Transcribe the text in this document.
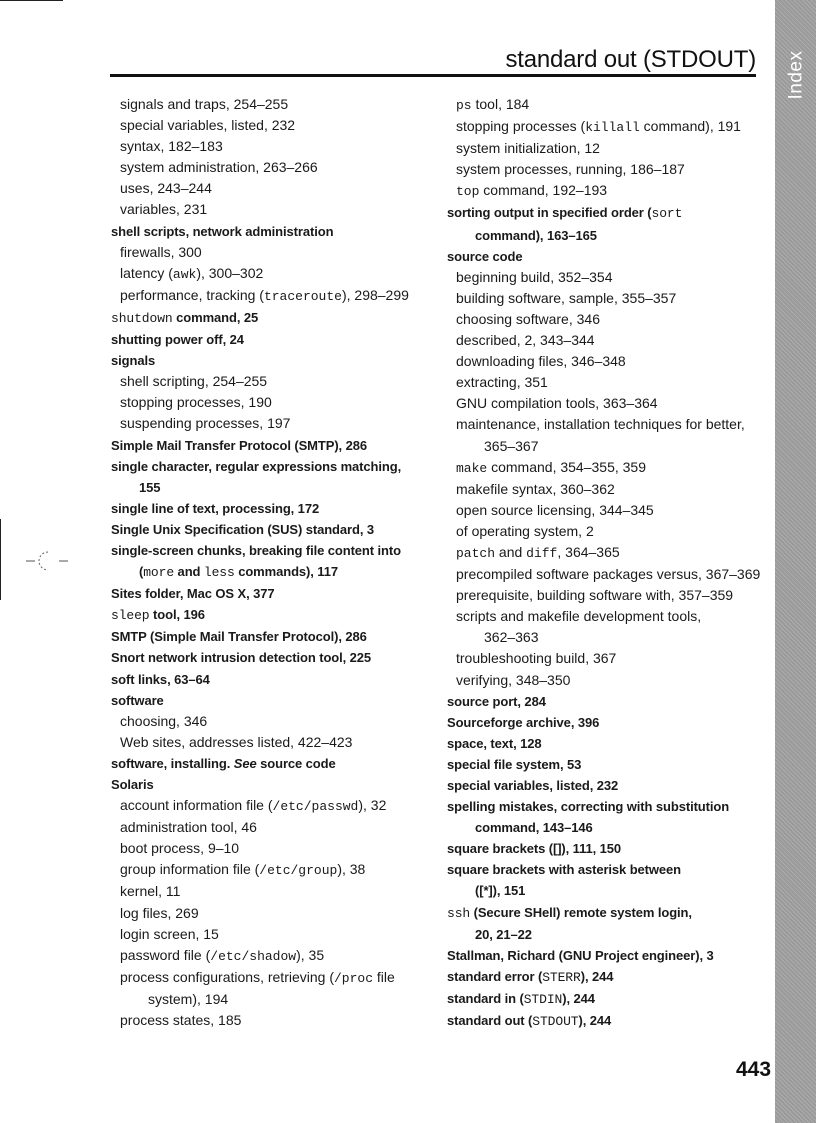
Index
standard out (STDOUT)
signals and traps, 254–255
special variables, listed, 232
syntax, 182–183
system administration, 263–266
uses, 243–244
variables, 231
shell scripts, network administration
firewalls, 300
latency (awk), 300–302
performance, tracking (traceroute), 298–299
shutdown command, 25
shutting power off, 24
signals
shell scripting, 254–255
stopping processes, 190
suspending processes, 197
Simple Mail Transfer Protocol (SMTP), 286
single character, regular expressions matching,
155
single line of text, processing, 172
Single Unix Specification (SUS) standard, 3
single-screen chunks, breaking file content into
(more and less commands), 117
Sites folder, Mac OS X, 377
sleep tool, 196
SMTP (Simple Mail Transfer Protocol), 286
Snort network intrusion detection tool, 225
soft links, 63–64
software
choosing, 346
Web sites, addresses listed, 422–423
software, installing. See source code
Solaris
account information file (/etc/passwd), 32
administration tool, 46
boot process, 9–10
group information file (/etc/group), 38
kernel, 11
log files, 269
login screen, 15
password file (/etc/shadow), 35
process configurations, retrieving (/proc file
system), 194
process states, 185
ps tool, 184
stopping processes (killall command), 191
system initialization, 12
system processes, running, 186–187
top command, 192–193
sorting output in specified order (sort
command), 163–165
source code
beginning build, 352–354
building software, sample, 355–357
choosing software, 346
described, 2, 343–344
downloading files, 346–348
extracting, 351
GNU compilation tools, 363–364
maintenance, installation techniques for better,
365–367
make command, 354–355, 359
makefile syntax, 360–362
open source licensing, 344–345
of operating system, 2
patch and diff, 364–365
precompiled software packages versus, 367–369
prerequisite, building software with, 357–359
scripts and makefile development tools,
362–363
troubleshooting build, 367
verifying, 348–350
source port, 284
Sourceforge archive, 396
space, text, 128
special file system, 53
special variables, listed, 232
spelling mistakes, correcting with substitution
command, 143–146
square brackets ([]), 111, 150
square brackets with asterisk between
([*]), 151
ssh (Secure SHell) remote system login,
20, 21–22
Stallman, Richard (GNU Project engineer), 3
standard error (STERR), 244
standard in (STDIN), 244
standard out (STDOUT), 244
443
